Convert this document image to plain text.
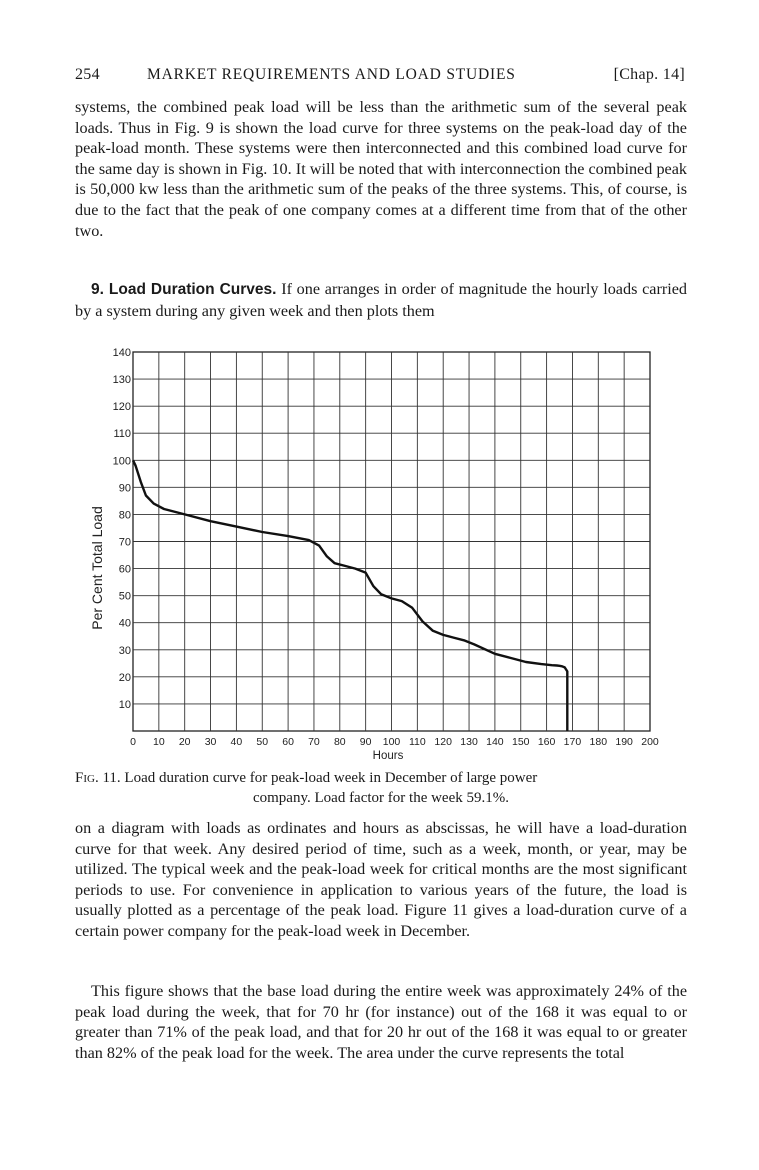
254	MARKET REQUIREMENTS AND LOAD STUDIES	[Chap. 14]

systems, the combined peak load will be less than the arithmetic sum of the several peak loads. Thus in Fig. 9 is shown the load curve for three systems on the peak-load day of the peak-load month. These systems were then interconnected and this combined load curve for the same day is shown in Fig. 10. It will be noted that with interconnection the combined peak is 50,000 kw less than the arithmetic sum of the peaks of the three systems. This, of course, is due to the fact that the peak of one company comes at a different time from that of the other two.

9. Load Duration Curves. If one arranges in order of magnitude the hourly loads carried by a system during any given week and then plots them

10
20
30
40
50
60
70
80
90
100
110
120
130
140
0 10 20 30 40 50 60 70 80 90 100 110 120 130 140 150 160 170 180 190 200
Per Cent Total Load
Hours
Fig. 11. Load duration curve for peak-load week in December of large power
company. Load factor for the week 59.1%.

on a diagram with loads as ordinates and hours as abscissas, he will have a load-duration curve for that week. Any desired period of time, such as a week, month, or year, may be utilized. The typical week and the peak-load week for critical months are the most significant periods to use. For convenience in application to various years of the future, the load is usually plotted as a percentage of the peak load. Figure 11 gives a load-duration curve of a certain power company for the peak-load week in December.

This figure shows that the base load during the entire week was approximately 24% of the peak load during the week, that for 70 hr (for instance) out of the 168 it was equal to or greater than 71% of the peak load, and that for 20 hr out of the 168 it was equal to or greater than 82% of the peak load for the week. The area under the curve represents the total
